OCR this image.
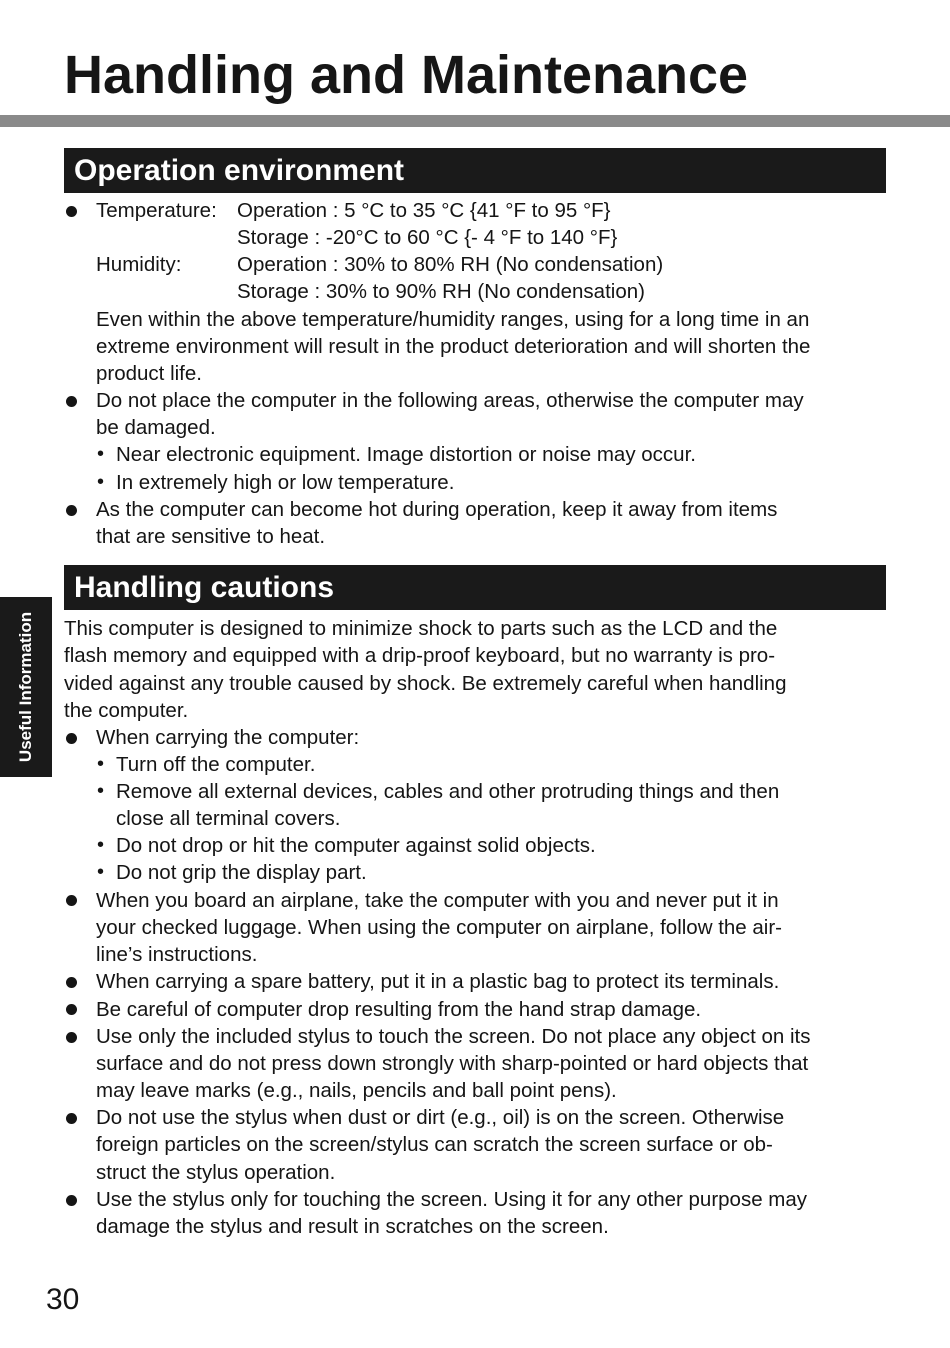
Handling and Maintenance
Operation environment
Temperature: Operation : 5 °C to 35 °C {41 °F to 95 °F}
Storage : -20°C to 60 °C {- 4 °F to 140 °F}
Humidity:	Operation : 30% to 80% RH (No condensation)
Storage : 30% to 90% RH (No condensation)
Even within the above temperature/humidity ranges, using for a long time in an
extreme environment will result in the product deterioration and will shorten the
product life.
Do not place the computer in the following areas, otherwise the computer may
be damaged.
• Near electronic equipment. Image distortion or noise may occur.
• In extremely high or low temperature.
As the computer can become hot during operation, keep it away from items
that are sensitive to heat.
Handling cautions
This computer is designed to minimize shock to parts such as the LCD and the
flash memory and equipped with a drip-proof keyboard, but no warranty is pro-
vided against any trouble caused by shock. Be extremely careful when handling
the computer.
When carrying the computer:
• Turn off the computer.
• Remove all external devices, cables and other protruding things and then
close all terminal covers.
• Do not drop or hit the computer against solid objects.
• Do not grip the display part.
When you board an airplane, take the computer with you and never put it in
your checked luggage. When using the computer on airplane, follow the air-
line’s instructions.
When carrying a spare battery, put it in a plastic bag to protect its terminals.
Be careful of computer drop resulting from the hand strap damage.
Use only the included stylus to touch the screen. Do not place any object on its
surface and do not press down strongly with sharp-pointed or hard objects that
may leave marks (e.g., nails, pencils and ball point pens).
Do not use the stylus when dust or dirt (e.g., oil) is on the screen. Otherwise
foreign particles on the screen/stylus can scratch the screen surface or ob-
struct the stylus operation.
Use the stylus only for touching the screen. Using it for any other purpose may
damage the stylus and result in scratches on the screen.
Useful Information
30
